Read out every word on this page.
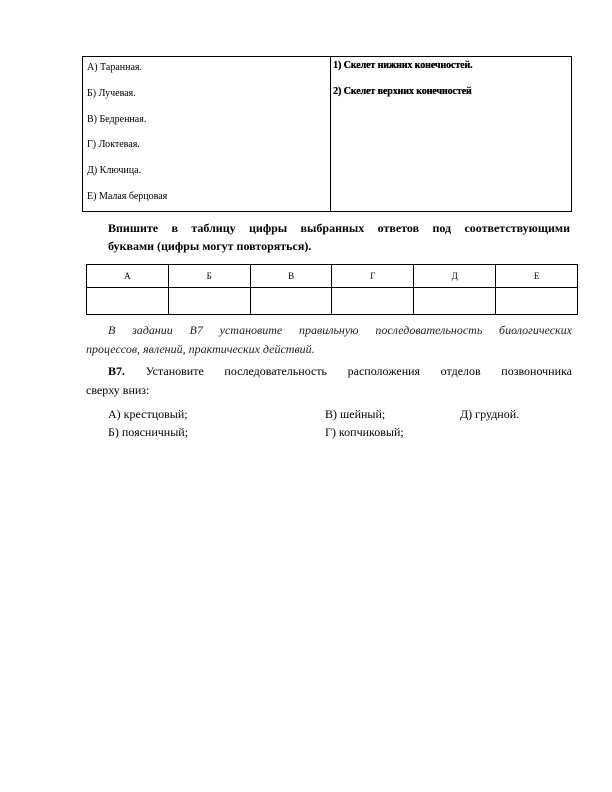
А) Таранная.
Б) Лучевая.
В) Бедренная.
Г) Локтевая.
Д) Ключица.
Е) Малая берцовая
1) Скелет нижних конечностей.
2) Скелет верхних конечностей
Впишите в таблицу цифры выбранных ответов под соответствующими
буквами (цифры могут повторяться).
А	Б	В	Г	Д	Е

В задании В7 установите правильную последовательность биологических
процессов, явлений, практических действий.
В7. Установите последовательность расположения отделов позвоночника
сверху вниз:
А) крестцовый;	В) шейный;	Д) грудной.
Б) поясничный;	Г) копчиковый;
